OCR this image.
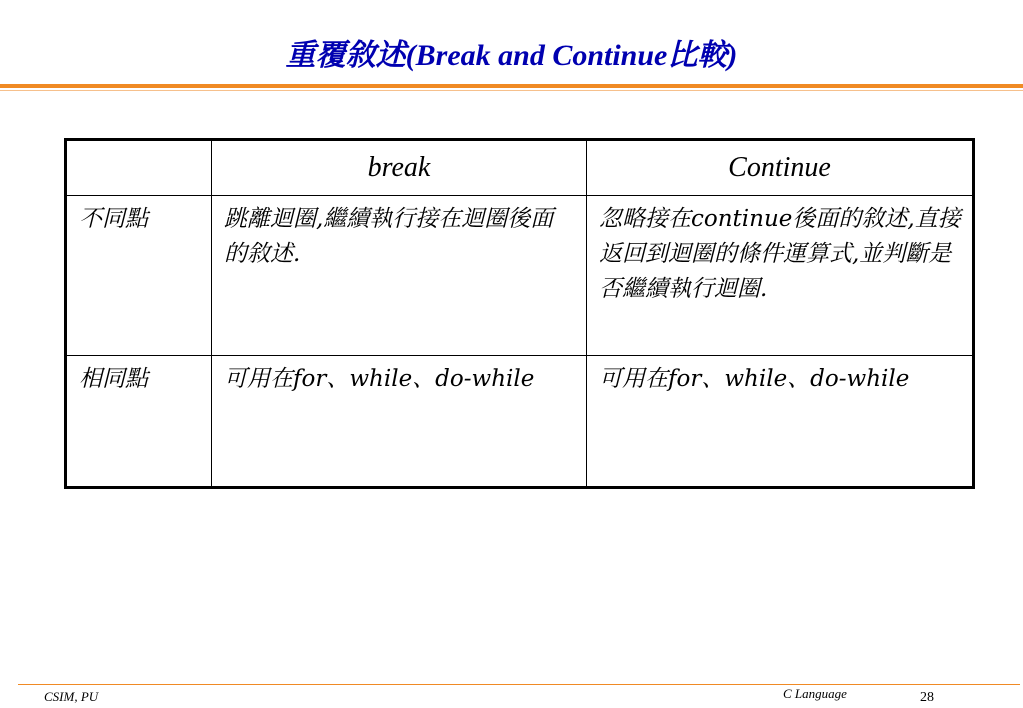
重覆敘述(Break and Continue比較)
	break	Continue
不同點	跳離迴圈,繼續執行接在迴圈後面的敘述.	忽略接在continue後面的敘述,直接返回到迴圈的條件運算式,並判斷是否繼續執行迴圈.
相同點	可用在for、while、do-while	可用在for、while、do-while
CSIM, PU	C Language	28
